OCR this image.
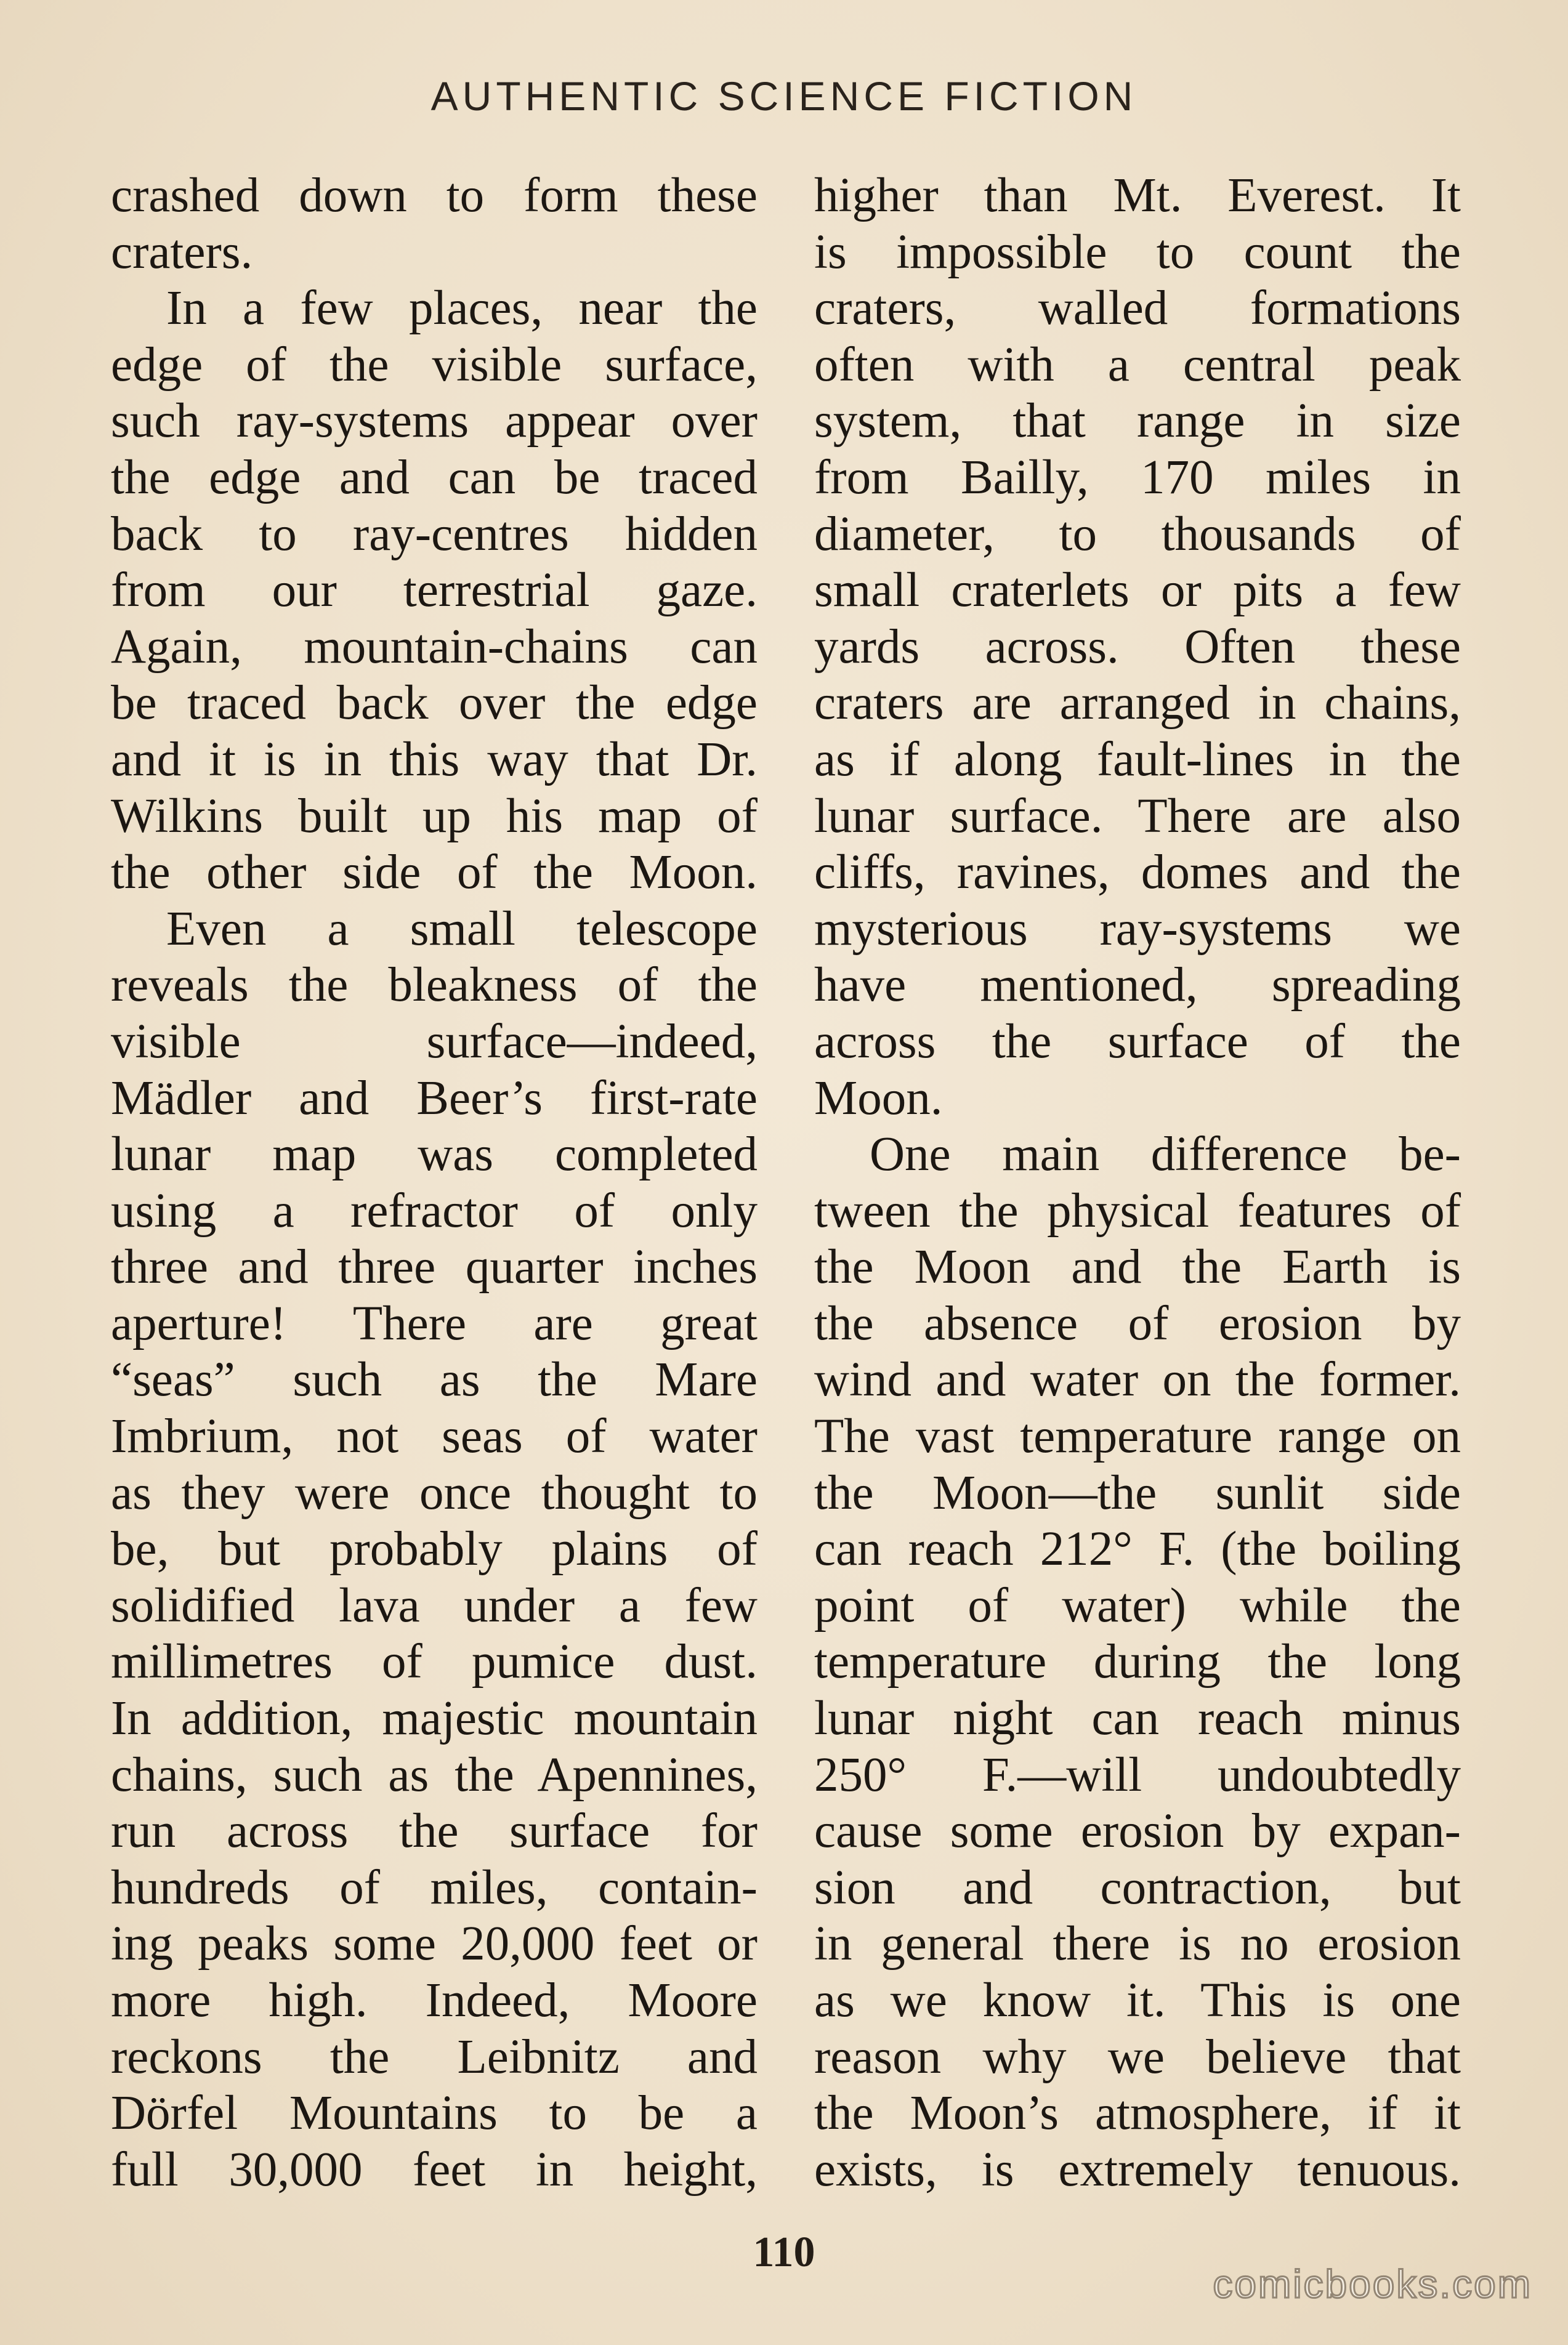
AUTHENTIC SCIENCE FICTION
crashed down to form these
craters.
In a few places, near the
edge of the visible surface,
such ray-systems appear over
the edge and can be traced
back to ray-centres hidden
from our terrestrial gaze.
Again, mountain-chains can
be traced back over the edge
and it is in this way that Dr.
Wilkins built up his map of
the other side of the Moon.
Even a small telescope
reveals the bleakness of the
visible surface—indeed,
Mädler and Beer’s first-rate
lunar map was completed
using a refractor of only
three and three quarter inches
aperture! There are great
“seas” such as the Mare
Imbrium, not seas of water
as they were once thought to
be, but probably plains of
solidified lava under a few
millimetres of pumice dust.
In addition, majestic mountain
chains, such as the Apennines,
run across the surface for
hundreds of miles, contain-
ing peaks some 20,000 feet or
more high. Indeed, Moore
reckons the Leibnitz and
Dörfel Mountains to be a
full 30,000 feet in height,
higher than Mt. Everest. It
is impossible to count the
craters, walled formations
often with a central peak
system, that range in size
from Bailly, 170 miles in
diameter, to thousands of
small craterlets or pits a few
yards across. Often these
craters are arranged in chains,
as if along fault-lines in the
lunar surface. There are also
cliffs, ravines, domes and the
mysterious ray-systems we
have mentioned, spreading
across the surface of the
Moon.
One main difference be-
tween the physical features of
the Moon and the Earth is
the absence of erosion by
wind and water on the former.
The vast temperature range on
the Moon—the sunlit side
can reach 212° F. (the boiling
point of water) while the
temperature during the long
lunar night can reach minus
250° F.—will undoubtedly
cause some erosion by expan-
sion and contraction, but
in general there is no erosion
as we know it. This is one
reason why we believe that
the Moon’s atmosphere, if it
exists, is extremely tenuous.
110
comicbooks.com
